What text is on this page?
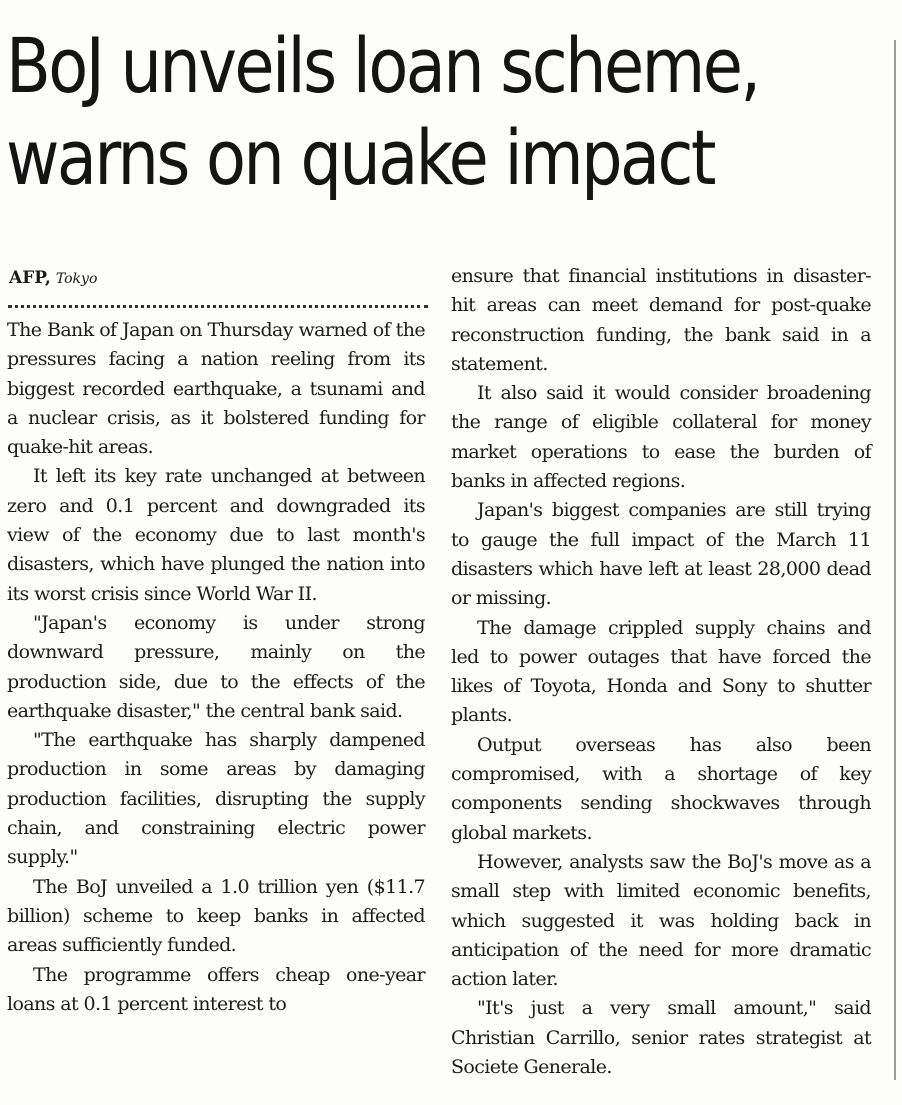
BoJ unveils loan scheme,
warns on quake impact
AFP, Tokyo

The Bank of Japan on Thursday warned of the pressures facing a nation reeling from its biggest recorded earthquake, a tsunami and a nuclear crisis, as it bolstered funding for quake-hit areas.

It left its key rate unchanged at between zero and 0.1 percent and downgraded its view of the economy due to last month's disasters, which have plunged the nation into its worst crisis since World War II.

"Japan's economy is under strong downward pressure, mainly on the production side, due to the effects of the earthquake disaster," the central bank said.

"The earthquake has sharply dampened production in some areas by damaging production facilities, disrupting the supply chain, and constraining electric power supply."

The BoJ unveiled a 1.0 trillion yen ($11.7 billion) scheme to keep banks in affected areas sufficiently funded.

The programme offers cheap one-year loans at 0.1 percent interest to

ensure that financial institutions in disaster-hit areas can meet demand for post-quake reconstruction funding, the bank said in a statement.

It also said it would consider broadening the range of eligible collateral for money market operations to ease the burden of banks in affected regions.

Japan's biggest companies are still trying to gauge the full impact of the March 11 disasters which have left at least 28,000 dead or missing.

The damage crippled supply chains and led to power outages that have forced the likes of Toyota, Honda and Sony to shutter plants.

Output overseas has also been compromised, with a shortage of key components sending shockwaves through global markets.

However, analysts saw the BoJ's move as a small step with limited economic benefits, which suggested it was holding back in anticipation of the need for more dramatic action later.

"It's just a very small amount," said Christian Carrillo, senior rates strategist at Societe Generale.
